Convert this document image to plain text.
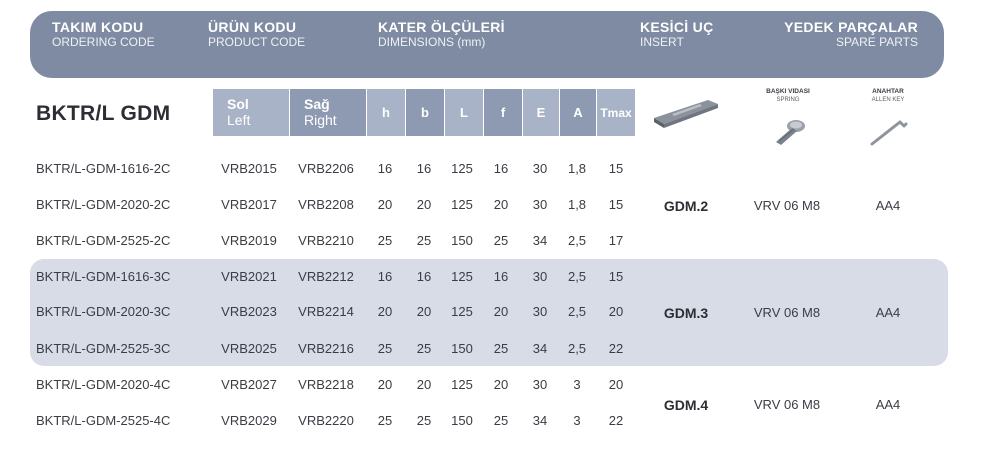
TAKIM KODU
ORDERING CODE
ÜRÜN KODU
PRODUCT CODE
KATER ÖLÇÜLERİ
DIMENSIONS (mm)
KESİCİ UÇ
INSERT
YEDEK PARÇALAR
SPARE PARTS
BKTR/L GDM	Sol
Left
Sağ
Right	h	b	L	f	E	A	Tmax
BAŞKI VIDASI
SPRING
ANAHTAR
ALLEN KEY
BKTR/L-GDM-1616-2C	VRB2015 VRB2206 16 16 125 16 30 1,8 15
BKTR/L-GDM-2020-2C	VRB2017 VRB2208 20 20 125 20 30 1,8 15
BKTR/L-GDM-2525-2C	VRB2019 VRB2210 25 25 150 25 34 2,5 17
BKTR/L-GDM-1616-3C	VRB2021 VRB2212 16 16 125 16 30 2,5 15
BKTR/L-GDM-2020-3C	VRB2023 VRB2214 20 20 125 20 30 2,5 20
BKTR/L-GDM-2525-3C	VRB2025 VRB2216 25 25 150 25 34 2,5 22
BKTR/L-GDM-2020-4C	VRB2027 VRB2218 20 20 125 20 30 3 20
BKTR/L-GDM-2525-4C	VRB2029 VRB2220 25 25 150 25 34 3 22
GDM.2	VRV 06 M8	AA4
GDM.3	VRV 06 M8	AA4
GDM.4	VRV 06 M8	AA4
